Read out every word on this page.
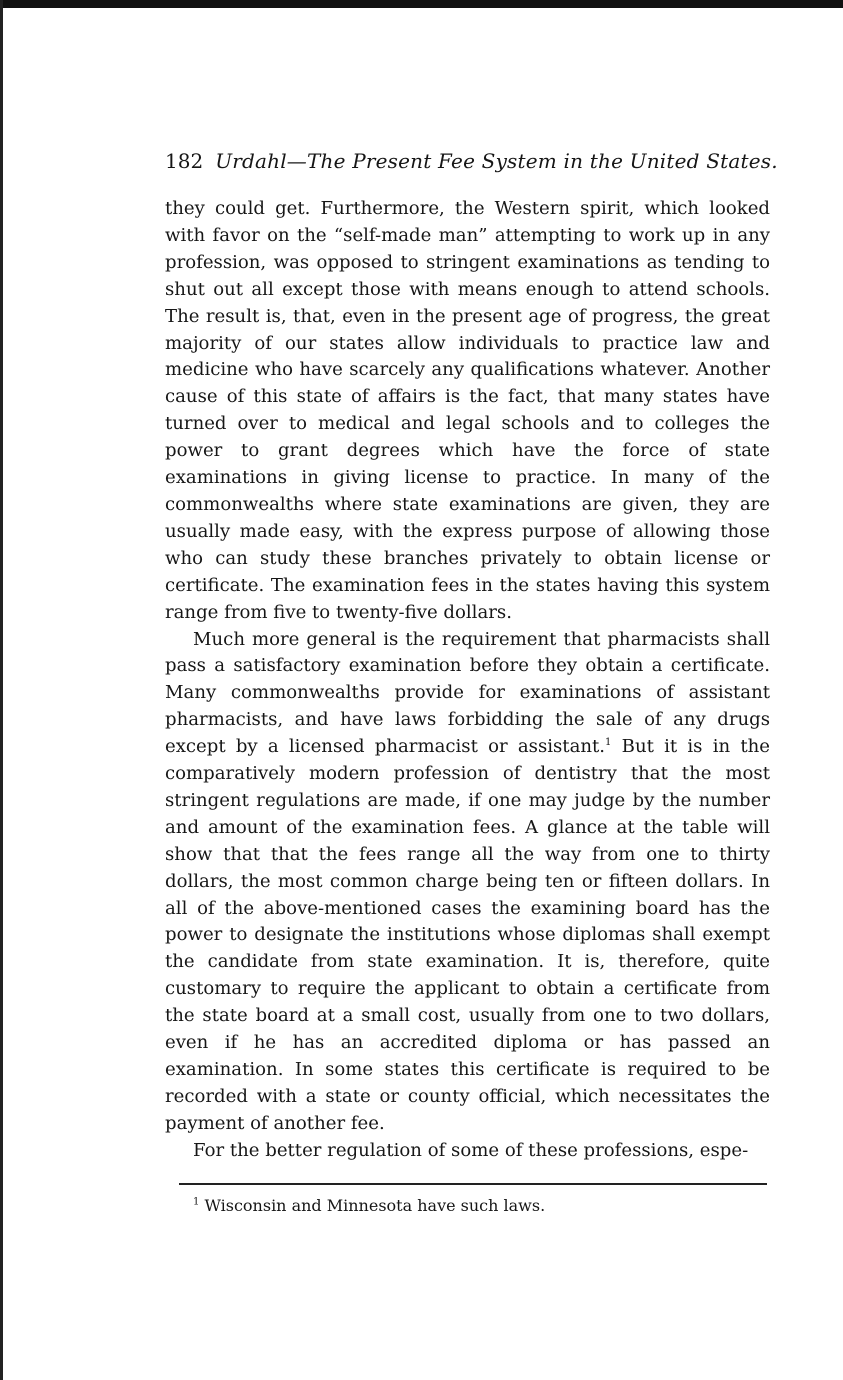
182 Urdahl—The Present Fee System in the United States.

they could get. Furthermore, the Western spirit, which looked with favor on the “self-made man” attempting to work up in any profession, was opposed to stringent examinations as tending to shut out all except those with means enough to attend schools. The result is, that, even in the present age of progress, the great majority of our states allow individuals to practice law and medicine who have scarcely any qualifications whatever. Another cause of this state of affairs is the fact, that many states have turned over to medical and legal schools and to colleges the power to grant degrees which have the force of state examinations in giving license to practice. In many of the commonwealths where state examinations are given, they are usually made easy, with the express purpose of allowing those who can study these branches privately to obtain license or certificate. The examination fees in the states having this system range from five to twenty-five dollars.

Much more general is the requirement that pharmacists shall pass a satisfactory examination before they obtain a certificate. Many commonwealths provide for examinations of assistant pharmacists, and have laws forbidding the sale of any drugs except by a licensed pharmacist or assistant.$^1$ But it is in the comparatively modern profession of dentistry that the most stringent regulations are made, if one may judge by the number and amount of the examination fees. A glance at the table will show that that the fees range all the way from one to thirty dollars, the most common charge being ten or fifteen dollars. In all of the above-mentioned cases the examining board has the power to designate the institutions whose diplomas shall exempt the candidate from state examination. It is, therefore, quite customary to require the applicant to obtain a certificate from the state board at a small cost, usually from one to two dollars, even if he has an accredited diploma or has passed an examination. In some states this certificate is required to be recorded with a state or county official, which necessitates the payment of another fee.

For the better regulation of some of these professions, espe-

$^1$ Wisconsin and Minnesota have such laws.
